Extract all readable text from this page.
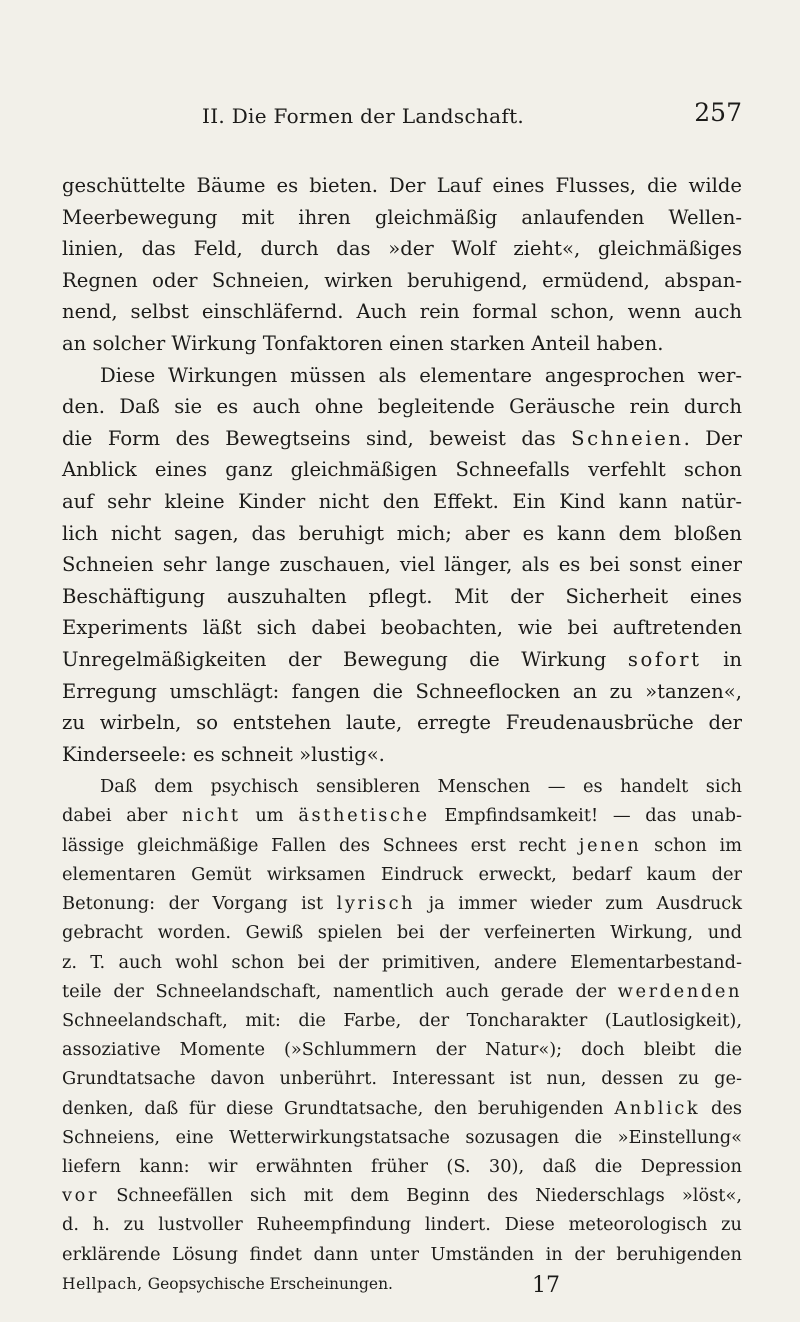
II. Die Formen der Landschaft.	257
geschüttelte Bäume es bieten. Der Lauf eines Flusses, die wilde
Meerbewegung mit ihren gleichmäßig anlaufenden Wellen-
linien, das Feld, durch das »der Wolf zieht«, gleichmäßiges
Regnen oder Schneien, wirken beruhigend, ermüdend, abspan-
nend, selbst einschläfernd. Auch rein formal schon, wenn auch
an solcher Wirkung Tonfaktoren einen starken Anteil haben.
Diese Wirkungen müssen als elementare angesprochen wer-
den. Daß sie es auch ohne begleitende Geräusche rein durch
die Form des Bewegtseins sind, beweist das Schneien. Der
Anblick eines ganz gleichmäßigen Schneefalls verfehlt schon
auf sehr kleine Kinder nicht den Effekt. Ein Kind kann natür-
lich nicht sagen, das beruhigt mich; aber es kann dem bloßen
Schneien sehr lange zuschauen, viel länger, als es bei sonst einer
Beschäftigung auszuhalten pflegt. Mit der Sicherheit eines
Experiments läßt sich dabei beobachten, wie bei auftretenden
Unregelmäßigkeiten der Bewegung die Wirkung sofort in
Erregung umschlägt: fangen die Schneeflocken an zu »tanzen«,
zu wirbeln, so entstehen laute, erregte Freudenausbrüche der
Kinderseele: es schneit »lustig«.
Daß dem psychisch sensibleren Menschen — es handelt sich
dabei aber nicht um ästhetische Empfindsamkeit! — das unab-
lässige gleichmäßige Fallen des Schnees erst recht jenen schon im
elementaren Gemüt wirksamen Eindruck erweckt, bedarf kaum der
Betonung: der Vorgang ist lyrisch ja immer wieder zum Ausdruck
gebracht worden. Gewiß spielen bei der verfeinerten Wirkung, und
z. T. auch wohl schon bei der primitiven, andere Elementarbestand-
teile der Schneelandschaft, namentlich auch gerade der werdenden
Schneelandschaft, mit: die Farbe, der Toncharakter (Lautlosigkeit),
assoziative Momente (»Schlummern der Natur«); doch bleibt die
Grundtatsache davon unberührt. Interessant ist nun, dessen zu ge-
denken, daß für diese Grundtatsache, den beruhigenden Anblick des
Schneiens, eine Wetterwirkungstatsache sozusagen die »Einstellung«
liefern kann: wir erwähnten früher (S. 30), daß die Depression
vor Schneefällen sich mit dem Beginn des Niederschlags »löst«,
d. h. zu lustvoller Ruheempfindung lindert. Diese meteorologisch zu
erklärende Lösung findet dann unter Umständen in der beruhigenden
Hellpach, Geopsychische Erscheinungen.	17
